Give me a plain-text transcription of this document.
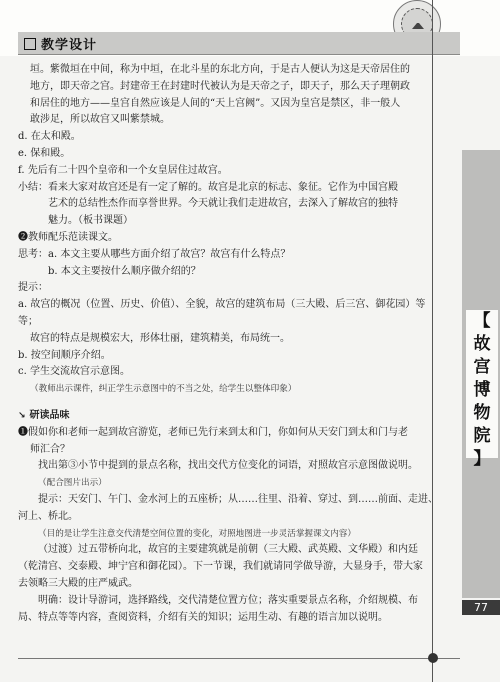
教学设计
【
故
宫
博
物
院
】
77

垣。紫微垣在中间，称为中垣，在北斗星的东北方向，于是古人便认为这是天帝居住的

地方，即天帝之宫。封建帝王在封建时代被认为是天帝之子，即天子，那么天子理朝政

和居住的地方——皇宫自然应该是人间的“天上宫阙”。又因为皇宫是禁区，非一般人

敢涉足，所以故宫又叫紫禁城。

d. 在太和殿。

e. 保和殿。

f. 先后有二十四个皇帝和一个女皇居住过故宫。

小结：看来大家对故宫还是有一定了解的。故宫是北京的标志、象征。它作为中国宫殿

艺术的总结性杰作而享誉世界。今天就让我们走进故宫，去深入了解故宫的独特

魅力。（板书课题）

❷教师配乐范读课文。

思考：a. 本文主要从哪些方面介绍了故宫？故宫有什么特点？

b. 本文主要按什么顺序做介绍的？

提示：

a. 故宫的概况（位置、历史、价值）、全貌，故宫的建筑布局（三大殿、后三宫、御花园）等等；

故宫的特点是规模宏大，形体壮丽，建筑精美，布局统一。

b. 按空间顺序介绍。

c. 学生交流故宫示意图。

（教师出示课件，纠正学生示意图中的不当之处，给学生以整体印象）

↘ 研读品味

❶假如你和老师一起到故宫游览，老师已先行来到太和门，你如何从天安门到太和门与老

师汇合？

找出第③小节中提到的景点名称，找出交代方位变化的词语，对照故宫示意图做说明。

（配合图片出示）

提示：天安门、午门、金水河上的五座桥；从……往里、沿着、穿过、到……前面、走进、

河上、桥北。

（目的是让学生注意交代清楚空间位置的变化，对照地图进一步灵活掌握课文内容）

（过渡）过五带桥向北，故宫的主要建筑就是前朝（三大殿、武英殿、文华殿）和内廷

（乾清宫、交泰殿、坤宁宫和御花园）。下一节课，我们就请同学做导游，大显身手，带大家

去领略三大殿的庄严威武。

明确：设计导游词，选择路线，交代清楚位置方位；落实重要景点名称，介绍规模、布

局、特点等等内容，查阅资料，介绍有关的知识；运用生动、有趣的语言加以说明。
